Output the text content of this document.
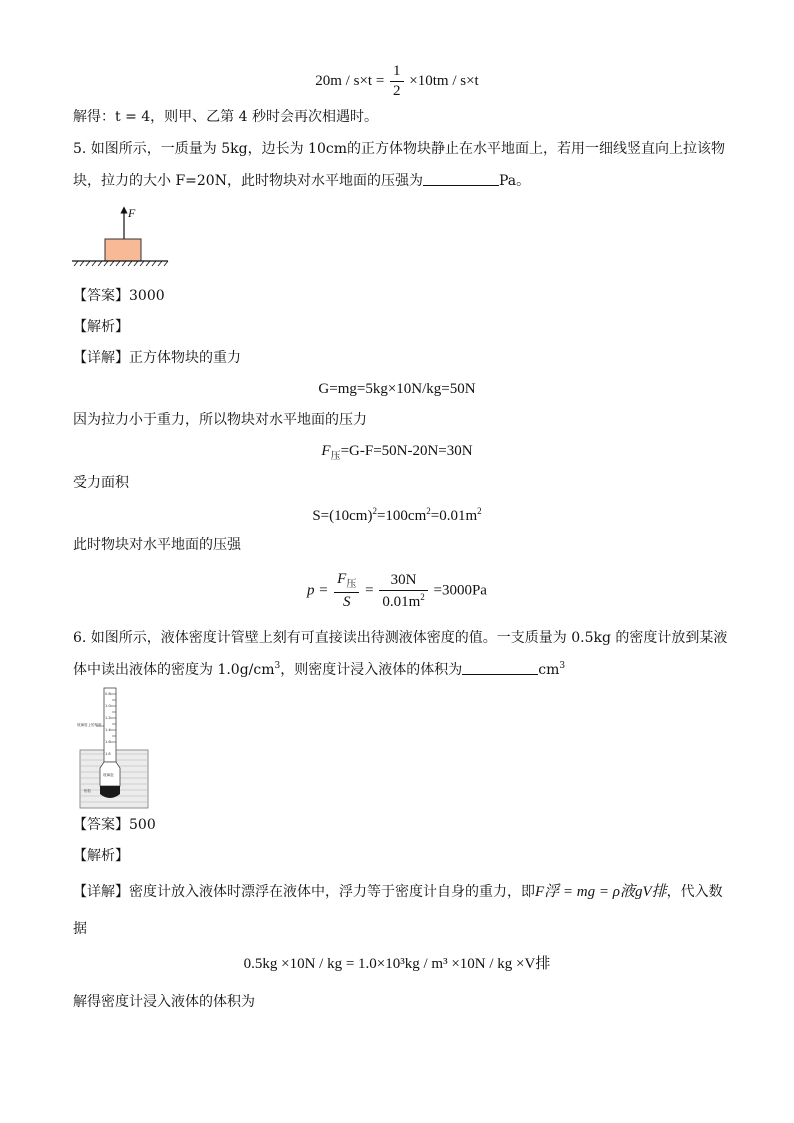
$20m / s\times t = \frac{1}{2} \times 10tm / s\times t$
解得：t = 4，则甲、乙第 4 秒时会再次相遇时。
5. 如图所示，一质量为 5kg，边长为 10cm的正方体物块静止在水平地面上，若用一细线竖直向上拉该物
块，拉力的大小 F=20N，此时物块对水平地面的压强为	Pa。
F
【答案】3000
【解析】
【详解】正方体物块的重力
G=mg=5kg×10N/kg=50N
因为拉力小于重力，所以物块对水平地面的压力
$F_压=G-F=50N-20N=30N$
受力面积
$S=(10cm)^2=100cm^2=0.01m^2$
此时物块对水平地面的压强
$p = \frac{F_压}{S} = \frac{30N}{0.01m^2} =3000Pa$
6. 如图所示，液体密度计管壁上刻有可直接读出待测液体密度的值。一支质量为 0.5kg 的密度计放到某液
体中读出液体的密度为 $1.0g/cm^3$，则密度计浸入液体的体积为	$cm^3$
0.8
1.0
1.2
1.4
1.6
1.8
玻璃泡
玻璃管上的刻度
铅粒
【答案】500
【解析】
【详解】密度计放入液体时漂浮在液体中，浮力等于密度计自身的重力，即F浮 = mg = ρ液gV排，代入数
据
0.5kg ×10N / kg = 1.0×10³kg / m³ ×10N / kg ×V排
解得密度计浸入液体的体积为
